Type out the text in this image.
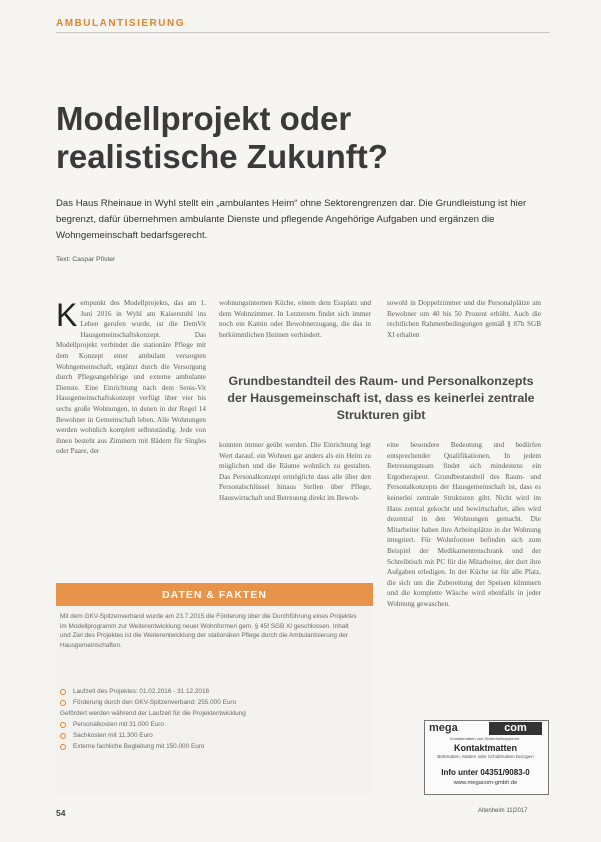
AMBULANTISIERUNG
Modellprojekt oder
realistische Zukunft?
Das Haus Rheinaue in Wyhl stellt ein „ambulantes Heim“ ohne Sektorengrenzen dar. Die Grundleistung ist hier begrenzt, dafür übernehmen ambulante Dienste und pflegende Angehörige Aufgaben und ergänzen die Wohngemeinschaft bedarfsgerecht.
Text: Caspar Pfister
K ernpunkt des Modellprojekts, das am 1. Juni 2016 in Wyhl am Kaiserstuhl ins Leben gerufen wurde, ist die DemVit Hausgemeinschaftskonzept. Das Modellprojekt verbindet die stationäre Pflege mit dem Konzept einer ambulant versorgten Wohngemeinschaft, ergänzt durch die Versorgung durch Pflegeangehörige und externe ambulante Dienste. Eine Einrichtung nach dem Senis-Vit Hausgemeinschaftskonzept verfügt über vier bis sechs große Wohnungen, in denen in der Regel 14 Bewohner in Gemeinschaft leben. Alle Wohnungen werden wohnlich komplett selbstständig. Jede von ihnen besteht aus Zimmern mit Bädern für Singles oder Paare, der
wohnungsinternen Küche, einem dem Essplatz und dem Wohnzimmer. In Letzterem findet sich immer noch ein Kamin oder Bewohnerzugang, die das in herkömmlichen Heimen verhindert.
sowohl in Doppelzimmer und die Personalplätze am Bewohner um 40 bis 50 Prozent erhöht. Auch die rechtlichen Rahmenbedingungen gemäß § 87b SGB XI erhalten
Grundbestandteil des Raum- und Personalkonzepts der Hausgemeinschaft ist, dass es keinerlei zentrale Strukturen gibt
konnten immer geübt werden. Die Einrichtung legt Wert darauf, ein Wohnen gar anders als ein Heim zu möglichen und die Räume wohnlich zu gestalten. Das Personalkonzept ermöglicht dass alle über den Personalschlüssel hinaus Stellen über Pflege, Hauswirtschaft und Betreuung direkt im Bewoh-
eine besondere Bedeutung und bedürfen entsprechender Qualifikationen. In jedem Betreuungsteam findet sich mindestens ein Ergotherapeut. Grundbestandteil des Raum- und Personalkonzepts der Hausgemeinschaft ist, dass es keinerlei zentrale Strukturen gibt. Nicht wird im Haus zentral gekocht und bewirtschaftet, alles wird dezentral in den Wohnungen gemacht. Die Mitarbeiter haben ihre Arbeitsplätze in der Wohnung integriert. Für Wohnformen befinden sich zum Beispiel der Medikamentenschrank und der Schreibtisch mit PC für die Mitarbeiter, der dort ihre Aufgaben erledigen. In der Küche ist für alle Platz, die sich um die Zubereitung der Speisen kümmern und die komplette Wäsche wird ebenfalls in jeder Wohnung gewaschen.
DATEN & FAKTEN
Mit dem GKV-Spitzenverband wurde am 23.7.2015 die Förderung über die Durchführung eines Projektes im Modellprogramm zur Weiterentwicklung neuer Wohnformen gem. § 45f SGB XI geschlossen. Inhalt und Ziel des Projektes ist die Weiterentwicklung der stationären Pflege durch die Ambulantsierung der Hausgemeinschaften.
Laufzeit des Projektes: 01.02.2016 - 31.12.2018
Förderung durch den GKV-Spitzenverband: 255.000 Euro
Gefördert werden während der Laufzeit für die Projektentwicklung
Personalkosten mit 31.000 Euro
Sachkosten mit 11.300 Euro
Externe fachliche Begleitung mit 150.000 Euro
mega	com
Kontaktmatten und Sicherheitssysteme
Kontaktmatten
Bettmatten, Matten oder Schaltmatten bezogen
Info unter 04351/9083-0
www.megacom-gmbh.de
54	Altenheim 11|2017
